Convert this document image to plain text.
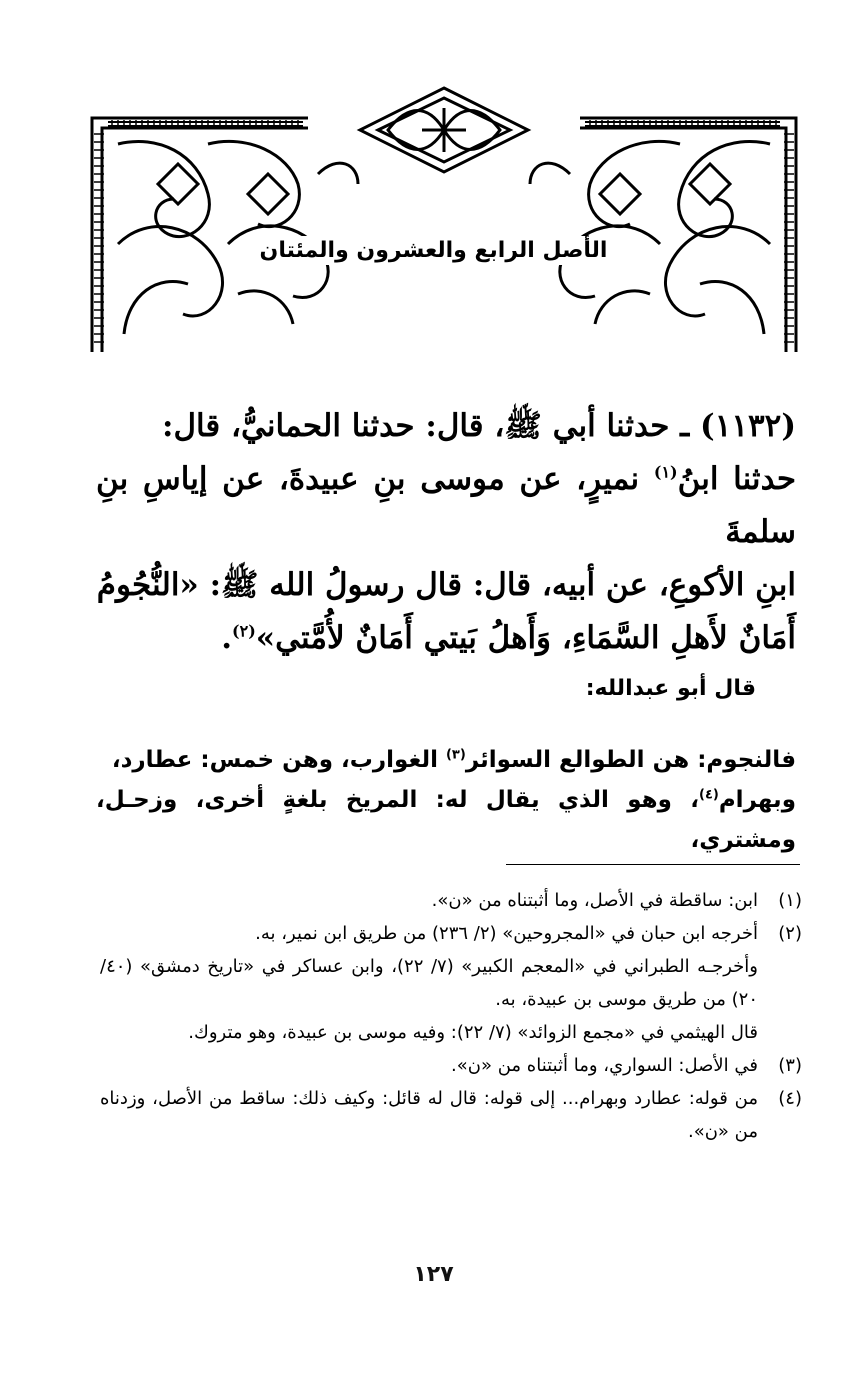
الأصل الرابع والعشرون والمئتان

(١١٣٢) ـ حدثنا أبي ﷺ، قال: حدثنا الحمانيُّ، قال:

حدثنا ابنُ$^{(١)}$ نميرٍ، عن موسى بنِ عبيدةَ، عن إياسِ بنِ سلمةَ

ابنِ الأكوعِ، عن أبيه، قال: قال رسولُ الله ﷺ: «النُّجُومُ

أَمَانٌ لأَهلِ السَّمَاءِ، وَأَهلُ بَيتي أَمَانٌ لأُمَّتي»$^{(٢)}$.

قال أبو عبدالله:

فالنجوم: هن الطوالع السوائر$^{(٣)}$ الغوارب، وهن خمس: عطارد،

وبهرام$^{(٤)}$، وهو الذي يقال له: المريخ بلغةٍ أخرى، وزحـل، ومشتري،

(١)
ابن: ساقطة في الأصل، وما أثبتناه من «ن».
(٢)
أخرجه ابن حبان في «المجروحين» (٢/ ٢٣٦) من طريق ابن نمير، به.
وأخرجـه الطبراني في «المعجم الكبير» (٧/ ٢٢)، وابن عساكر في «تاريخ دمشق» (٤٠/ ٢٠) من طريق موسى بن عبيدة، به.
قال الهيثمي في «مجمع الزوائد» (٧/ ٢٢): وفيه موسى بن عبيدة، وهو متروك.
(٣)
في الأصل: السواري، وما أثبتناه من «ن».
(٤)
من قوله: عطارد وبهرام... إلى قوله: قال له قائل: وكيف ذلك: ساقط من الأصل، وزدناه من «ن».
١٢٧
